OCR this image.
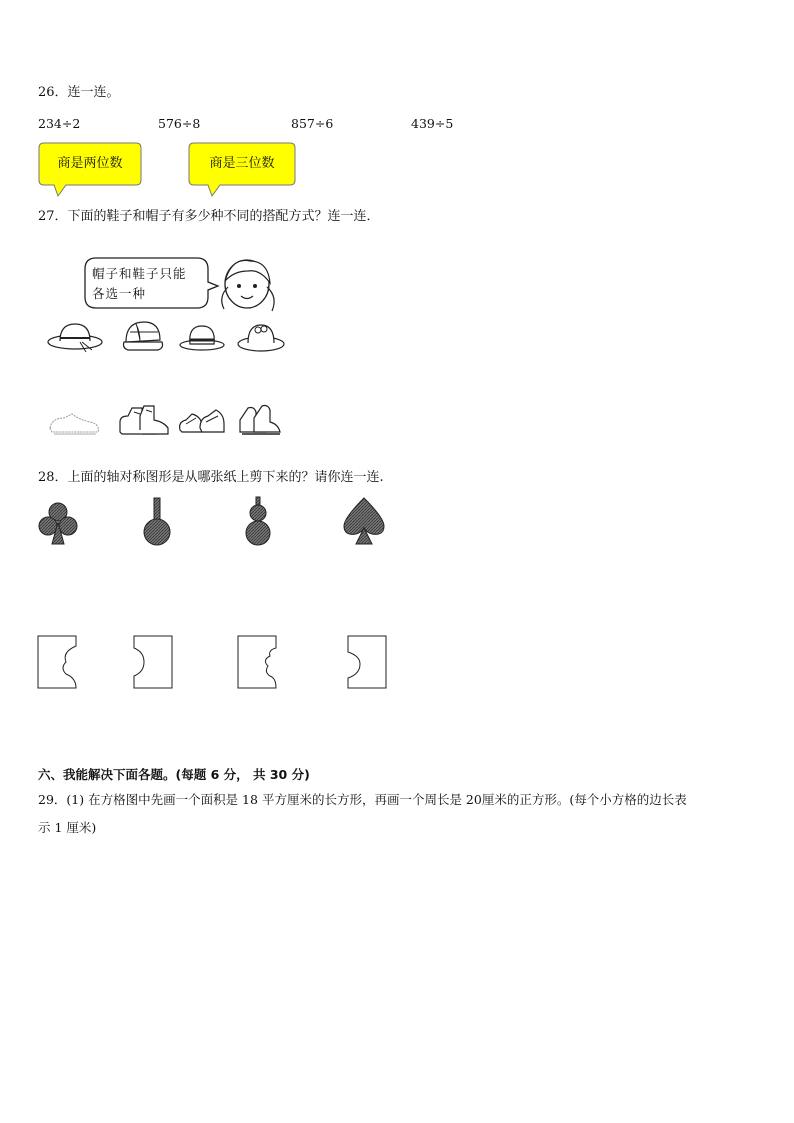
26．连一连。
234÷2	576÷8	857÷6	439÷5
商是两位数	商是三位数
27．下面的鞋子和帽子有多少种不同的搭配方式？连一连．
帽子和鞋子只能
各选一种
28．上面的轴对称图形是从哪张纸上剪下来的？请你连一连.
六、我能解决下面各题。(每题 6 分， 共 30 分)
29．(1) 在方格图中先画一个面积是 18 平方厘米的长方形，再画一个周长是 20厘米的正方形。(每个小方格的边长表
示 1 厘米)
